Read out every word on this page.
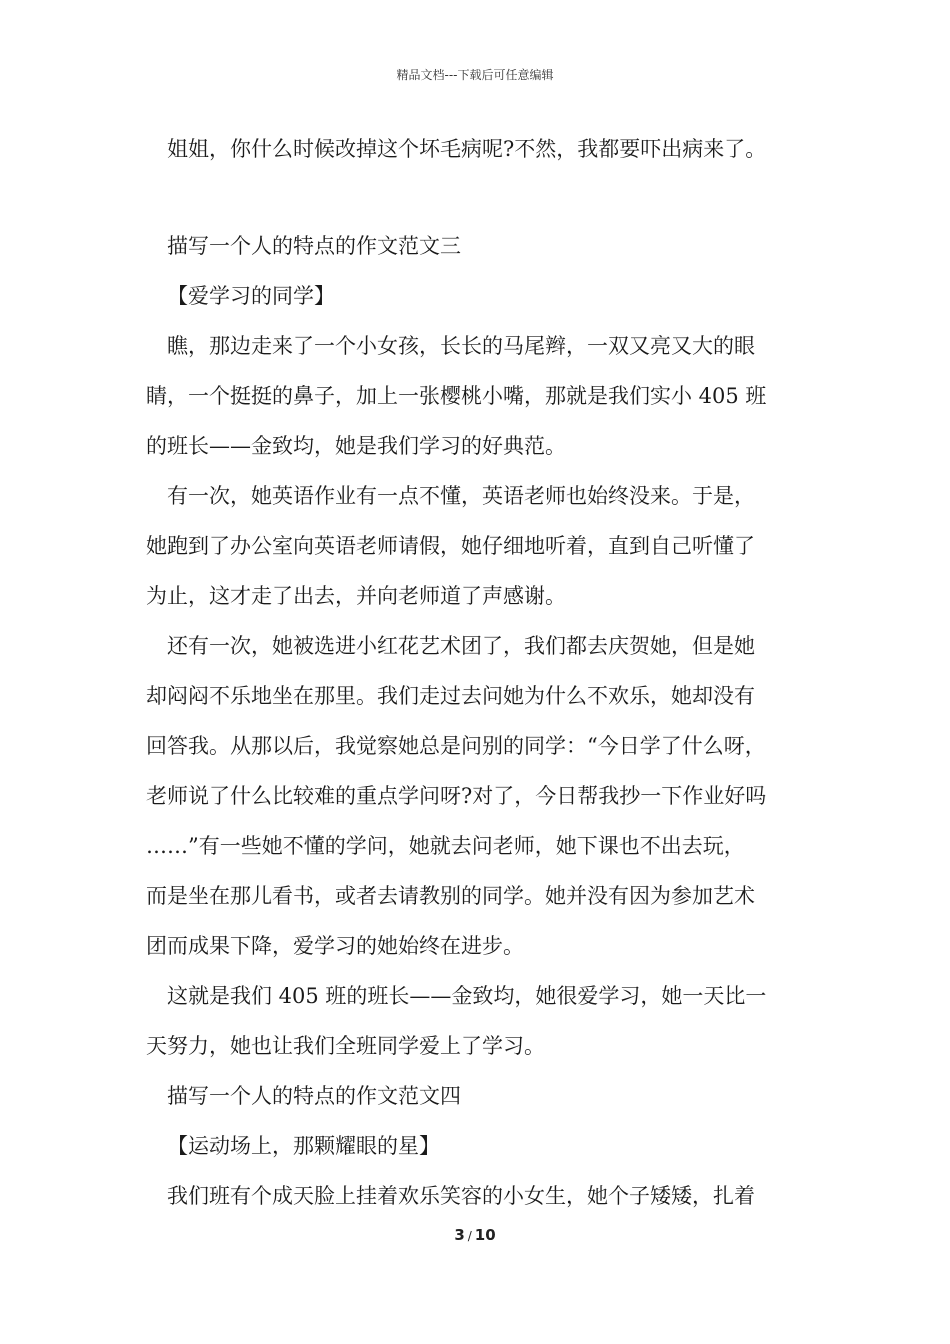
精品文档---下载后可任意编辑
姐姐，你什么时候改掉这个坏毛病呢?不然，我都要吓出病来了。
描写一个人的特点的作文范文三
【爱学习的同学】
瞧，那边走来了一个小女孩，长长的马尾辫，一双又亮又大的眼
睛，一个挺挺的鼻子，加上一张樱桃小嘴，那就是我们实小 405 班
的班长——金致均，她是我们学习的好典范。
有一次，她英语作业有一点不懂，英语老师也始终没来。于是，
她跑到了办公室向英语老师请假，她仔细地听着，直到自己听懂了
为止，这才走了出去，并向老师道了声感谢。
还有一次，她被选进小红花艺术团了，我们都去庆贺她，但是她
却闷闷不乐地坐在那里。我们走过去问她为什么不欢乐，她却没有
回答我。从那以后，我觉察她总是问别的同学：“今日学了什么呀，
老师说了什么比较难的重点学问呀?对了，今日帮我抄一下作业好吗
……”有一些她不懂的学问，她就去问老师，她下课也不出去玩，
而是坐在那儿看书，或者去请教别的同学。她并没有因为参加艺术
团而成果下降，爱学习的她始终在进步。
这就是我们 405 班的班长——金致均，她很爱学习，她一天比一
天努力，她也让我们全班同学爱上了学习。
描写一个人的特点的作文范文四
【运动场上，那颗耀眼的星】
我们班有个成天脸上挂着欢乐笑容的小女生，她个子矮矮，扎着
3 / 10
